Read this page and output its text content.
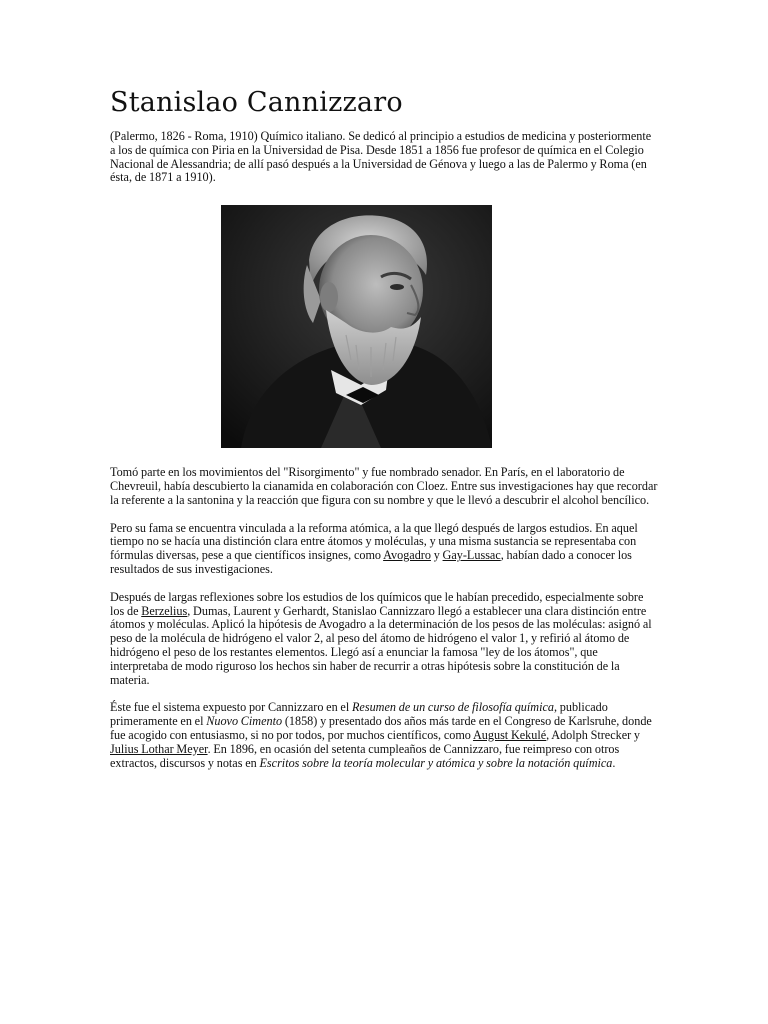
Stanislao Cannizzaro

(Palermo, 1826 - Roma, 1910) Químico italiano. Se dedicó al principio a estudios de medicina y posteriormente a los de química con Piria en la Universidad de Pisa. Desde 1851 a 1856 fue profesor de química en el Colegio Nacional de Alessandria; de allí pasó después a la Universidad de Génova y luego a las de Palermo y Roma (en ésta, de 1871 a 1910).

Tomó parte en los movimientos del "Risorgimento" y fue nombrado senador. En París, en el laboratorio de Chevreuil, había descubierto la cianamida en colaboración con Cloez. Entre sus investigaciones hay que recordar la referente a la santonina y la reacción que figura con su nombre y que le llevó a descubrir el alcohol bencílico.

Pero su fama se encuentra vinculada a la reforma atómica, a la que llegó después de largos estudios. En aquel tiempo no se hacía una distinción clara entre átomos y moléculas, y una misma sustancia se representaba con fórmulas diversas, pese a que científicos insignes, como Avogadro y Gay-Lussac, habían dado a conocer los resultados de sus investigaciones.

Después de largas reflexiones sobre los estudios de los químicos que le habían precedido, especialmente sobre los de Berzelius, Dumas, Laurent y Gerhardt, Stanislao Cannizzaro llegó a establecer una clara distinción entre átomos y moléculas. Aplicó la hipótesis de Avogadro a la determinación de los pesos de las moléculas: asignó al peso de la molécula de hidrógeno el valor 2, al peso del átomo de hidrógeno el valor 1, y refirió al átomo de hidrógeno el peso de los restantes elementos. Llegó así a enunciar la famosa "ley de los átomos", que interpretaba de modo riguroso los hechos sin haber de recurrir a otras hipótesis sobre la constitución de la materia.

Éste fue el sistema expuesto por Cannizzaro en el Resumen de un curso de filosofía química, publicado primeramente en el Nuovo Cimento (1858) y presentado dos años más tarde en el Congreso de Karlsruhe, donde fue acogido con entusiasmo, si no por todos, por muchos científicos, como August Kekulé, Adolph Strecker y Julius Lothar Meyer. En 1896, en ocasión del setenta cumpleaños de Cannizzaro, fue reimpreso con otros extractos, discursos y notas en Escritos sobre la teoría molecular y atómica y sobre la notación química.
